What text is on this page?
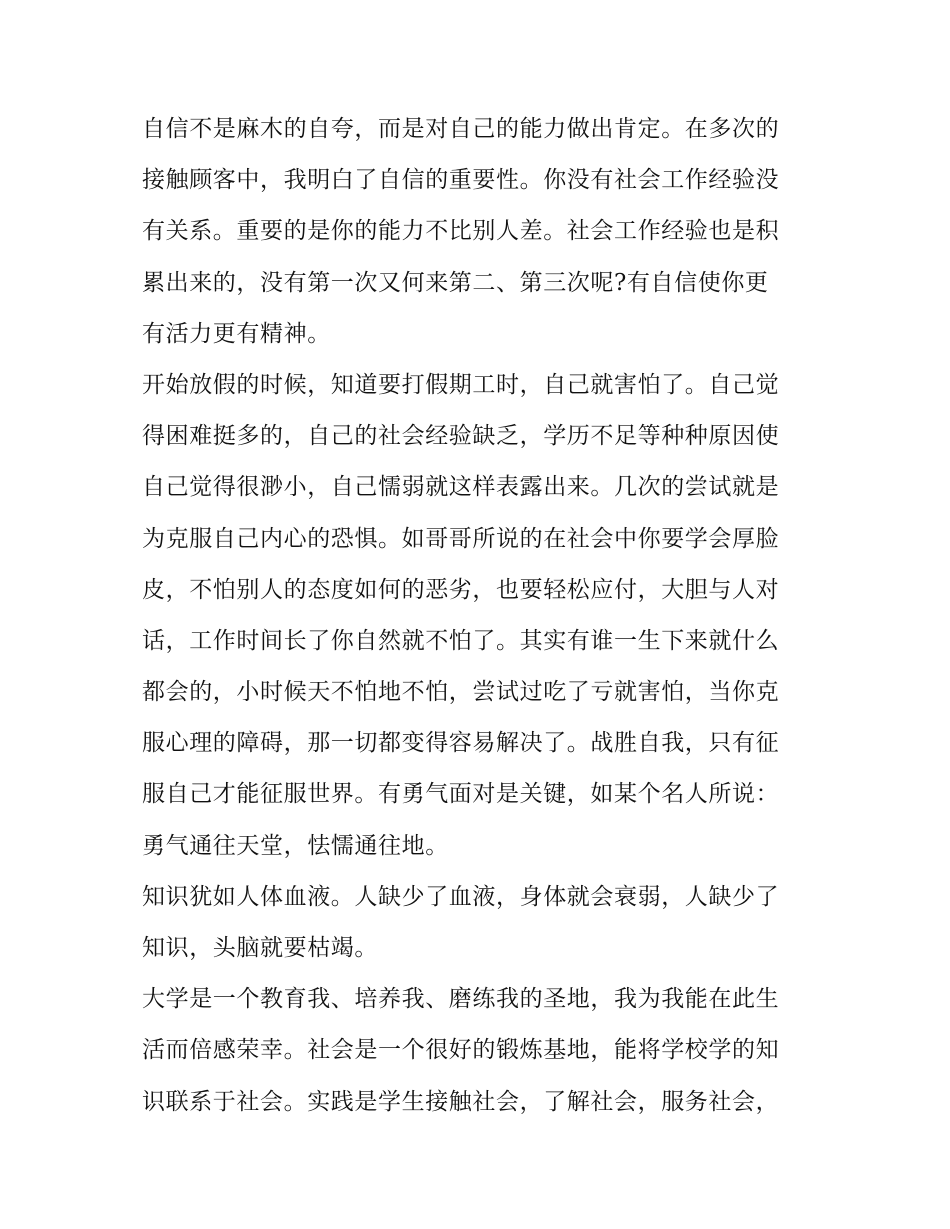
自信不是麻木的自夸，而是对自己的能力做出肯定。在多次的
接触顾客中，我明白了自信的重要性。你没有社会工作经验没
有关系。重要的是你的能力不比别人差。社会工作经验也是积
累出来的，没有第一次又何来第二、第三次呢?有自信使你更
有活力更有精神。

开始放假的时候，知道要打假期工时，自己就害怕了。自己觉
得困难挺多的，自己的社会经验缺乏，学历不足等种种原因使
自己觉得很渺小，自己懦弱就这样表露出来。几次的尝试就是
为克服自己内心的恐惧。如哥哥所说的在社会中你要学会厚脸
皮，不怕别人的态度如何的恶劣，也要轻松应付，大胆与人对
话，工作时间长了你自然就不怕了。其实有谁一生下来就什么
都会的，小时候天不怕地不怕，尝试过吃了亏就害怕，当你克
服心理的障碍，那一切都变得容易解决了。战胜自我，只有征
服自己才能征服世界。有勇气面对是关键，如某个名人所说：
勇气通往天堂，怯懦通往地。

知识犹如人体血液。人缺少了血液，身体就会衰弱，人缺少了
知识，头脑就要枯竭。

大学是一个教育我、培养我、磨练我的圣地，我为我能在此生
活而倍感荣幸。社会是一个很好的锻炼基地，能将学校学的知
识联系于社会。实践是学生接触社会，了解社会，服务社会，
